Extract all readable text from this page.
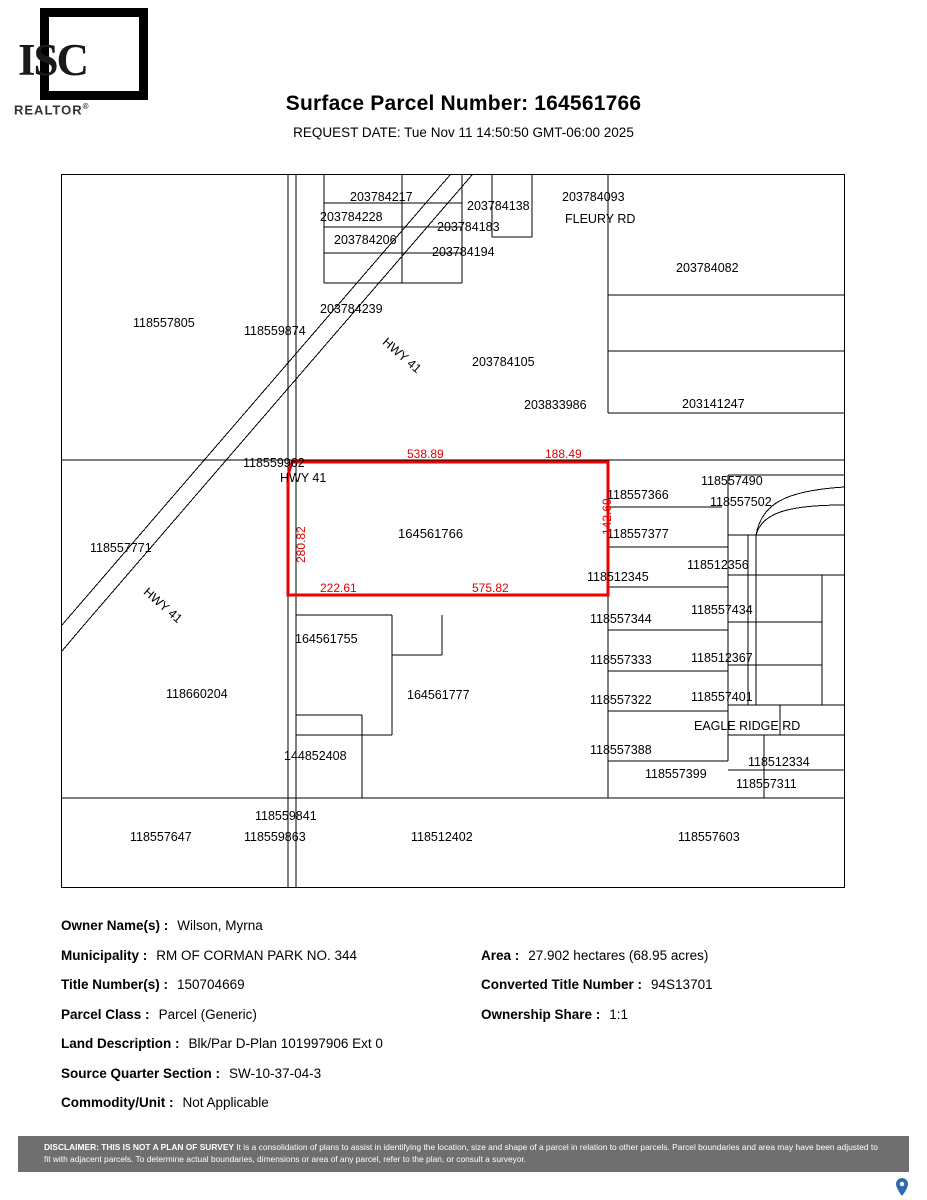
ISC
REALTOR®	Surface Parcel Number: 164561766
REQUEST DATE: Tue Nov 11 14:50:50 GMT-06:00 2025
HWY 41
HWY 41
HWY 41
FLEURY RD
EAGLE RIDGE RD
203784217
203784228
203784138
203784093
203784183
203784206
203784194
203784082
203784239
118557805
118559874
203784105
203833986	203141247
118559962
118557490
118557502
118557366
118557377
118512356
118557771
118512345
118557434
118557344
164561755
118557333	118512367
164561777	118557322	118557401
118660204
118557388
144852408	118512334
118557399
118557311
118559841
118557647	118559863	118512402	118557603
164561766
538.89	188.49
142.69
280.82
222.61	575.82
Owner Name(s) : Wilson, Myrna
Municipality : RM OF CORMAN PARK NO. 344	Area : 27.902 hectares (68.95 acres)
Title Number(s) : 150704669	Converted Title Number : 94S13701
Parcel Class : Parcel (Generic)	Ownership Share : 1:1
Land Description : Blk/Par D-Plan 101997906 Ext 0
Source Quarter Section : SW-10-37-04-3
Commodity/Unit : Not Applicable
DISCLAIMER: THIS IS NOT A PLAN OF SURVEY It is a consolidation of plans to assist in identifying the location, size and shape of a parcel in relation to other parcels. Parcel boundaries and area may have been adjusted to fit with adjacent parcels. To determine actual boundaries, dimensions or area of any parcel, refer to the plan, or consult a surveyor.
